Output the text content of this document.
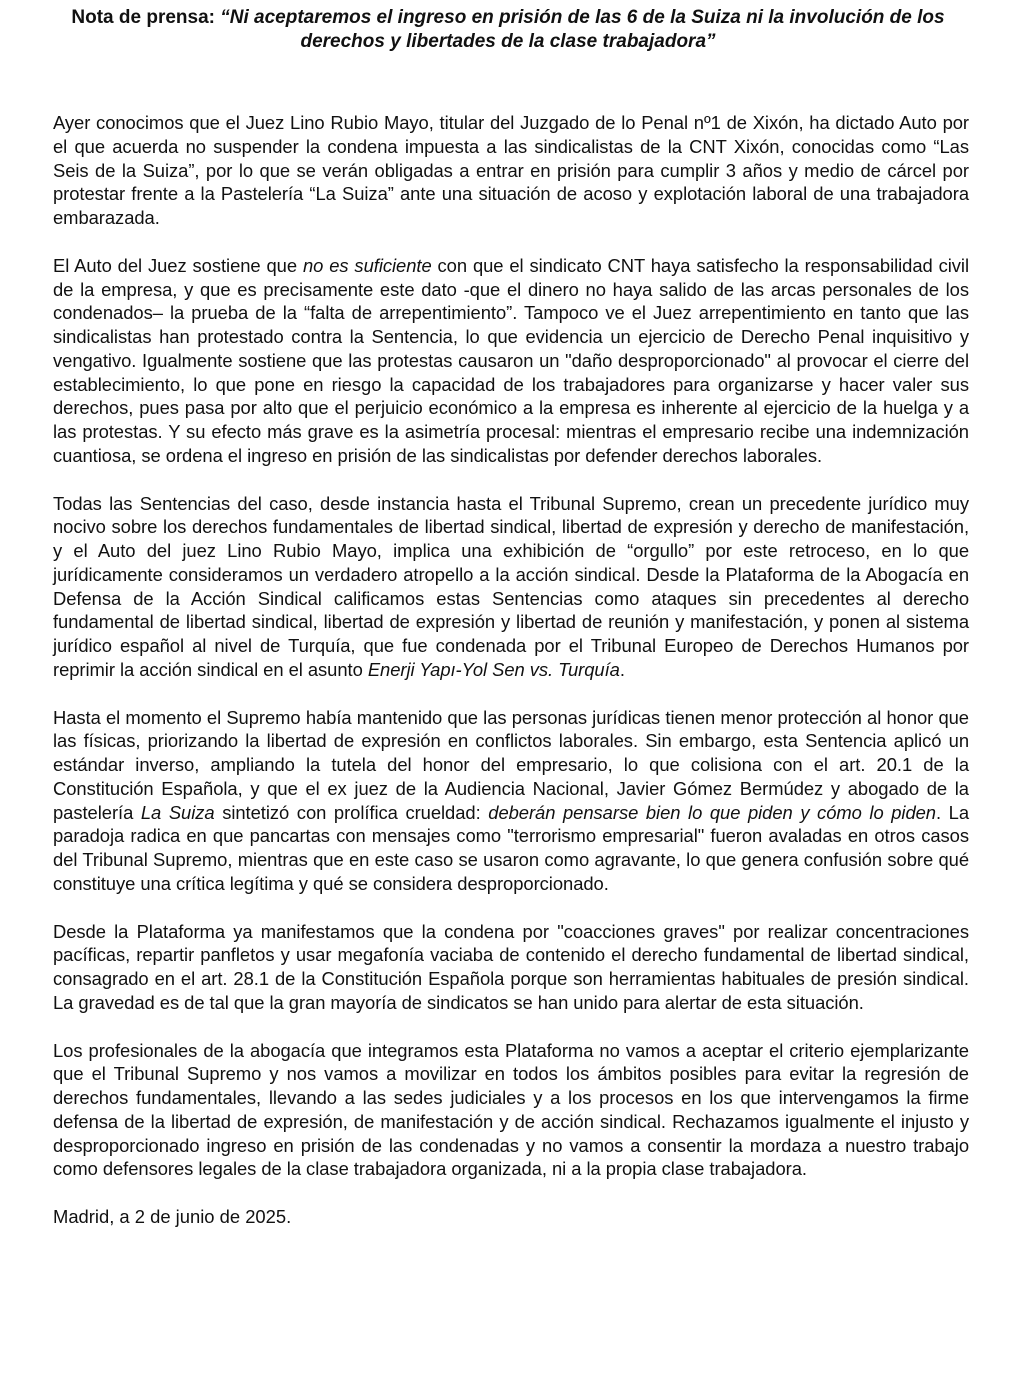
Nota de prensa: “Ni aceptaremos el ingreso en prisión de las 6 de la Suiza ni la involución de los derechos y libertades de la clase trabajadora”

Ayer conocimos que el Juez Lino Rubio Mayo, titular del Juzgado de lo Penal nº1 de Xixón, ha dictado Auto por el que acuerda no suspender la condena impuesta a las sindicalistas de la CNT Xixón, conocidas como “Las Seis de la Suiza”, por lo que se verán obligadas a entrar en prisión para cumplir 3 años y medio de cárcel por protestar frente a la Pastelería “La Suiza” ante una situación de acoso y explotación laboral de una trabajadora embarazada.

El Auto del Juez sostiene que no es suficiente con que el sindicato CNT haya satisfecho la responsabilidad civil de la empresa, y que es precisamente este dato -que el dinero no haya salido de las arcas personales de los condenados– la prueba de la “falta de arrepentimiento”. Tampoco ve el Juez arrepentimiento en tanto que las sindicalistas han protestado contra la Sentencia, lo que evidencia un ejercicio de Derecho Penal inquisitivo y vengativo. Igualmente sostiene que las protestas causaron un "daño desproporcionado" al provocar el cierre del establecimiento, lo que pone en riesgo la capacidad de los trabajadores para organizarse y hacer valer sus derechos, pues pasa por alto que el perjuicio económico a la empresa es inherente al ejercicio de la huelga y a las protestas. Y su efecto más grave es la asimetría procesal: mientras el empresario recibe una indemnización cuantiosa, se ordena el ingreso en prisión de las sindicalistas por defender derechos laborales.

Todas las Sentencias del caso, desde instancia hasta el Tribunal Supremo, crean un precedente jurídico muy nocivo sobre los derechos fundamentales de libertad sindical, libertad de expresión y derecho de manifestación, y el Auto del juez Lino Rubio Mayo, implica una exhibición de “orgullo” por este retroceso, en lo que jurídicamente consideramos un verdadero atropello a la acción sindical. Desde la Plataforma de la Abogacía en Defensa de la Acción Sindical calificamos estas Sentencias como ataques sin precedentes al derecho fundamental de libertad sindical, libertad de expresión y libertad de reunión y manifestación, y ponen al sistema jurídico español al nivel de Turquía, que fue condenada por el Tribunal Europeo de Derechos Humanos por reprimir la acción sindical en el asunto Enerji Yapı-Yol Sen vs. Turquía.

Hasta el momento el Supremo había mantenido que las personas jurídicas tienen menor protección al honor que las físicas, priorizando la libertad de expresión en conflictos laborales. Sin embargo, esta Sentencia aplicó un estándar inverso, ampliando la tutela del honor del empresario, lo que colisiona con el art. 20.1 de la Constitución Española, y que el ex juez de la Audiencia Nacional, Javier Gómez Bermúdez y abogado de la pastelería La Suiza sintetizó con prolífica crueldad: deberán pensarse bien lo que piden y cómo lo piden. La paradoja radica en que pancartas con mensajes como "terrorismo empresarial" fueron avaladas en otros casos del Tribunal Supremo, mientras que en este caso se usaron como agravante, lo que genera confusión sobre qué constituye una crítica legítima y qué se considera desproporcionado.

Desde la Plataforma ya manifestamos que la condena por "coacciones graves" por realizar concentraciones pacíficas, repartir panfletos y usar megafonía vaciaba de contenido el derecho fundamental de libertad sindical, consagrado en el art. 28.1 de la Constitución Española porque son herramientas habituales de presión sindical. La gravedad es de tal que la gran mayoría de sindicatos se han unido para alertar de esta situación.

Los profesionales de la abogacía que integramos esta Plataforma no vamos a aceptar el criterio ejemplarizante que el Tribunal Supremo y nos vamos a movilizar en todos los ámbitos posibles para evitar la regresión de derechos fundamentales, llevando a las sedes judiciales y a los procesos en los que intervengamos la firme defensa de la libertad de expresión, de manifestación y de acción sindical. Rechazamos igualmente el injusto y desproporcionado ingreso en prisión de las condenadas y no vamos a consentir la mordaza a nuestro trabajo como defensores legales de la clase trabajadora organizada, ni a la propia clase trabajadora.

Madrid, a 2 de junio de 2025.
